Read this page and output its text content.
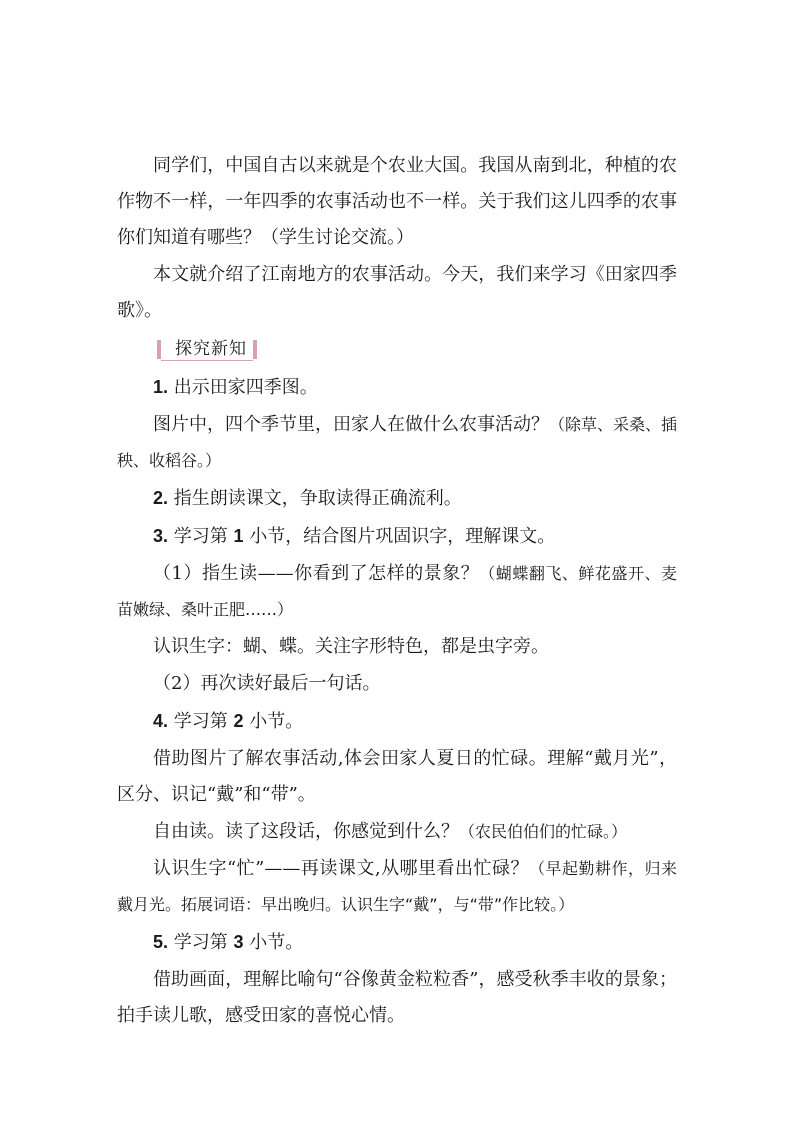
同学们，中国自古以来就是个农业大国。我国从南到北，种植的农作物不一样，一年四季的农事活动也不一样。关于我们这儿四季的农事你们知道有哪些？（学生讨论交流。）

本文就介绍了江南地方的农事活动。今天，我们来学习《田家四季歌》。

探究新知

1. 出示田家四季图。

图片中，四个季节里，田家人在做什么农事活动？（除草、采桑、插秧、收稻谷。）

2. 指生朗读课文，争取读得正确流利。

3. 学习第 1 小节，结合图片巩固识字，理解课文。

（1）指生读——你看到了怎样的景象？（蝴蝶翻飞、鲜花盛开、麦苗嫩绿、桑叶正肥……）

认识生字：蝴、蝶。关注字形特色，都是虫字旁。

（2）再次读好最后一句话。

4. 学习第 2 小节。

借助图片了解农事活动,体会田家人夏日的忙碌。理解“戴月光”，区分、识记“戴”和“带”。

自由读。读了这段话，你感觉到什么？（农民伯伯们的忙碌。）

认识生字“忙”——再读课文,从哪里看出忙碌？（早起勤耕作，归来戴月光。拓展词语：早出晚归。认识生字“戴”，与“带”作比较。）

5. 学习第 3 小节。

借助画面，理解比喻句“谷像黄金粒粒香”，感受秋季丰收的景象；拍手读儿歌，感受田家的喜悦心情。
